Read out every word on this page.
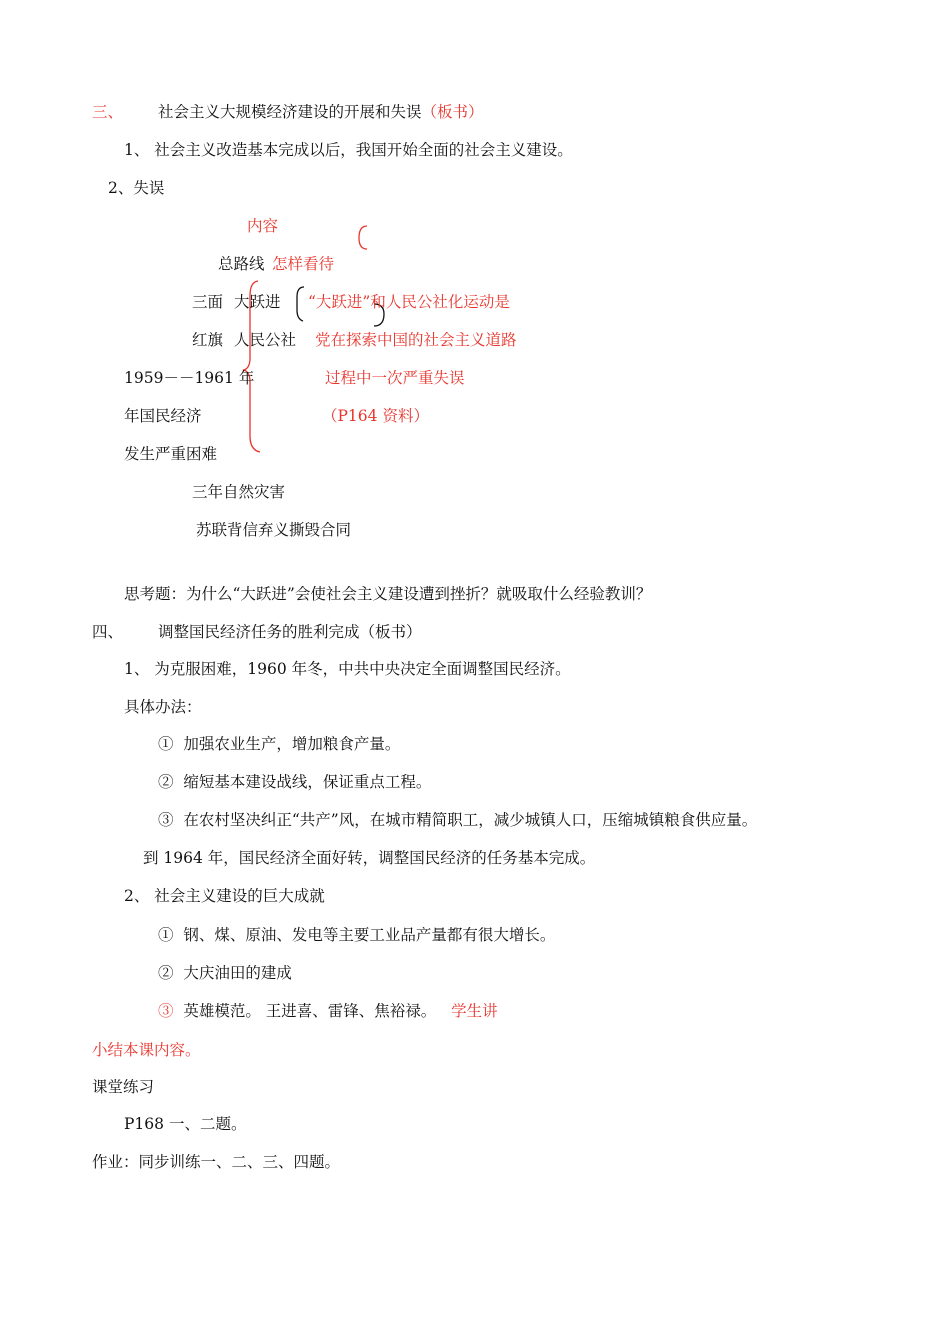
三、 社会主义大规模经济建设的开展和失误（板书）
1、 社会主义改造基本完成以后，我国开始全面的社会主义建设。
2、失误
内容
总路线 怎样看待
三面 大跃进 “大跃进”和人民公社化运动是
红旗 人民公社 党在探索中国的社会主义道路
1959－－1961 年	过程中一次严重失误
年国民经济	（P164 资料）
发生严重困难
三年自然灾害
苏联背信弃义撕毁合同
思考题：为什么“大跃进”会使社会主义建设遭到挫折？就吸取什么经验教训？
四、 调整国民经济任务的胜利完成（板书）
1、 为克服困难，1960 年冬，中共中央决定全面调整国民经济。
具体办法：
① 加强农业生产，增加粮食产量。
② 缩短基本建设战线，保证重点工程。
③ 在农村坚决纠正“共产”风，在城市精简职工，减少城镇人口，压缩城镇粮食供应量。
到 1964 年，国民经济全面好转，调整国民经济的任务基本完成。
2、 社会主义建设的巨大成就
① 钢、煤、原油、发电等主要工业品产量都有很大增长。
② 大庆油田的建成
③ 英雄模范。 王进喜、雷锋、焦裕禄。 学生讲
小结本课内容。
课堂练习
P168 一、二题。
作业：同步训练一、二、三、四题。
